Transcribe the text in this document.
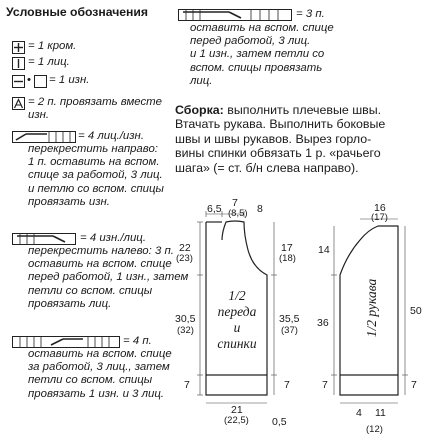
Условные обозначения
= 1 кром.
= 1 лиц.
• = 1 изн.
= 2 п. провязать вместе
изн.
= 4 лиц./изн.
перекрестить направо:
1 п. оставить на вспом.
спице за работой, 3 лиц.
и петлю со вспом. спицы
провязать изн.
= 4 изн./лиц.
перекрестить налево: 3 п.
оставить на вспом. спице
перед работой, 1 изн., затем
петли со вспом. спицы
провязать лиц.
= 4 п.
оставить на вспом. спице
за работой, 3 лиц., затем
петли со вспом. спицы
провязать 1 изн. и 3 лиц.
= 3 п.
оставить на вспом. спице
перед работой, 3 лиц.
и 1 изн., затем петли со
вспом. спицы провязать
лиц.
Сборка: выполнить плечевые швы.
Втачать рукава. Выполнить боковые
швы и швы рукавов. Вырез горло-
вины спинки обвязать 1 р. «рачьего
шага» (= ст. б/н слева направо).
6,5 7
(8,5) 8
22
(23)
17
(18)
30,5
(32)
35,5
(37)
7	7
21
(22,5) 0,5
1/2
переда
и
спинки
16
(17)
14
36
50
7	7
4 11
(12)
1/2 рукава
